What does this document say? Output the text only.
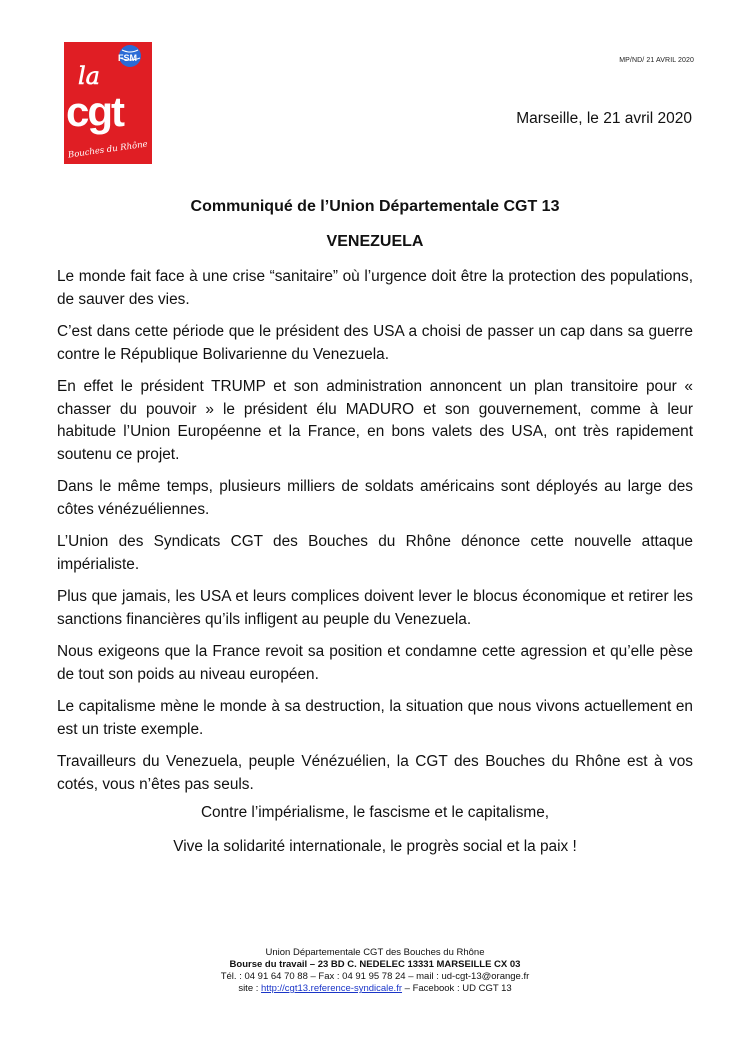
FSM
la
cgt
Bouches du Rhône
MP/ND/ 21 AVRIL 2020
Marseille, le 21 avril 2020
Communiqué de l’Union Départementale CGT 13
VENEZUELA

Le monde fait face à une crise “sanitaire” où l’urgence doit être la protection des populations, de sauver des vies.

C’est dans cette période que le président des USA a choisi de passer un cap dans sa guerre contre le République Bolivarienne du Venezuela.

En effet le président TRUMP et son administration annoncent un plan transitoire pour « chasser du pouvoir » le président élu MADURO et son gouvernement, comme à leur habitude l’Union Européenne et la France, en bons valets des USA, ont très rapidement soutenu ce projet.

Dans le même temps, plusieurs milliers de soldats américains sont déployés au large des côtes vénézuéliennes.

L’Union des Syndicats CGT des Bouches du Rhône dénonce cette nouvelle attaque impérialiste.

Plus que jamais, les USA et leurs complices doivent lever le blocus économique et retirer les sanctions financières qu’ils infligent au peuple du Venezuela.

Nous exigeons que la France revoit sa position et condamne cette agression et qu’elle pèse de tout son poids au niveau européen.

Le capitalisme mène le monde à sa destruction, la situation que nous vivons actuellement en est un triste exemple.

Travailleurs du Venezuela, peuple Vénézuélien, la CGT des Bouches du Rhône est à vos cotés, vous n’êtes pas seuls.

Contre l’impérialisme, le fascisme et le capitalisme,

Vive la solidarité internationale, le progrès social et la paix !

Union Départementale CGT des Bouches du Rhône
Bourse du travail – 23 BD C. NEDELEC 13331 MARSEILLE CX 03
Tél. : 04 91 64 70 88 – Fax : 04 91 95 78 24 – mail : ud-cgt-13@orange.fr
site : http://cgt13.reference-syndicale.fr – Facebook : UD CGT 13
